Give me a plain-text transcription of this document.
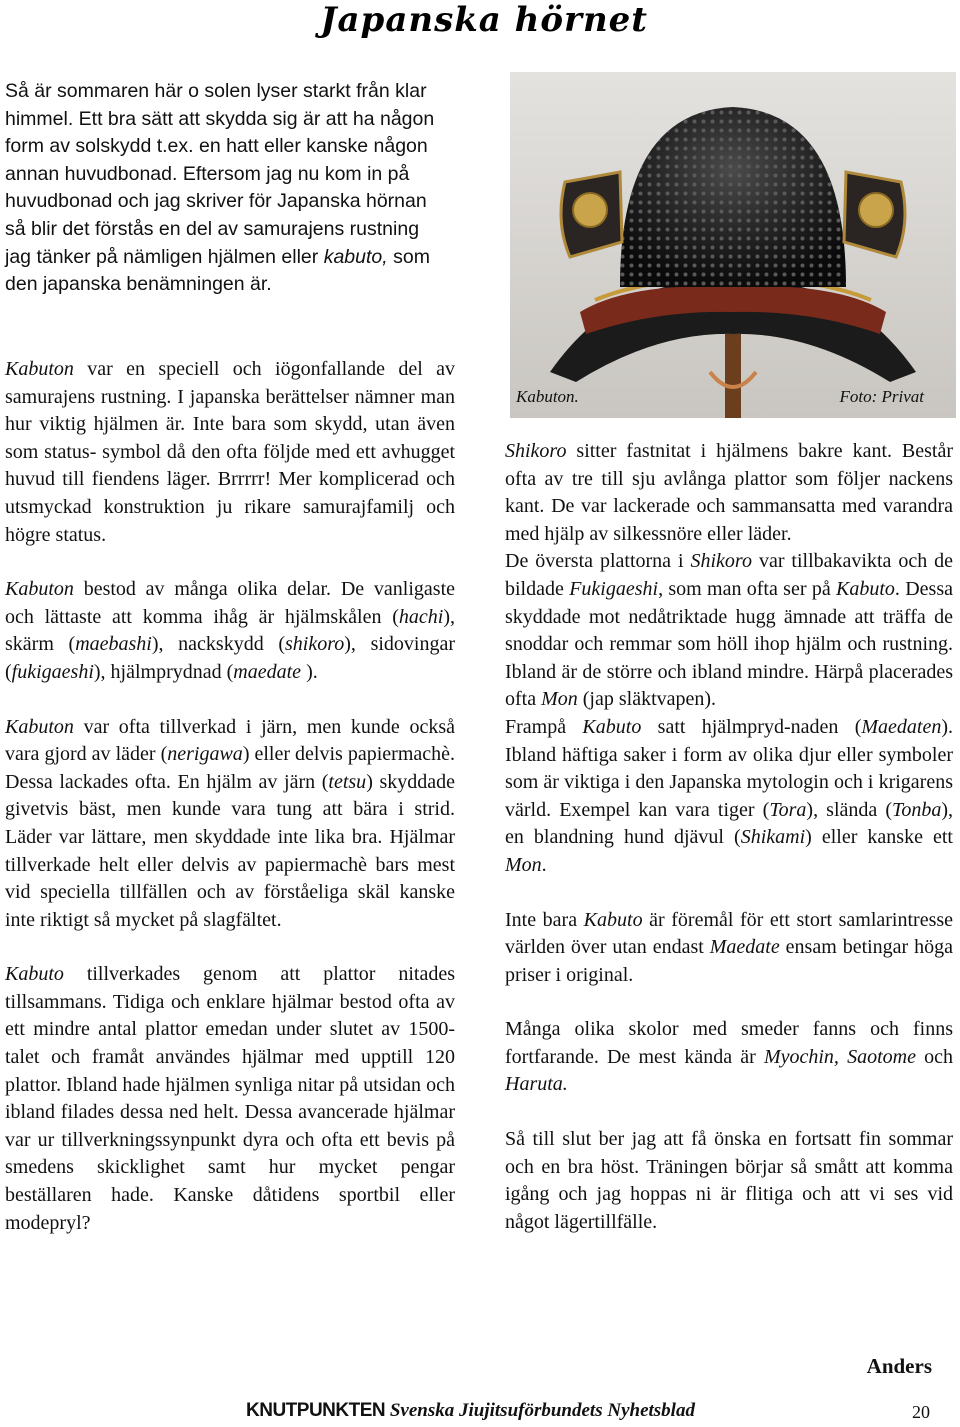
Japanska hörnet

Så är sommaren här o solen lyser starkt från klar himmel. Ett bra sätt att skydda sig är att ha någon form av solskydd t.ex. en hatt eller kanske någon annan huvudbonad. Eftersom jag nu kom in på huvudbonad och jag skriver för Japanska hörnan så blir det förstås en del av samurajens rustning jag tänker på nämligen hjälmen eller kabuto, som den japanska benämningen är.

Kabuton var en speciell och iögonfallande del av samurajens rustning. I japanska berättelser nämner man hur viktig hjälmen är. Inte bara som skydd, utan även som status- symbol då den ofta följde med ett avhugget huvud till fiendens läger. Brrrrr! Mer komplicerad och utsmyckad konstruktion ju rikare samurajfamilj och högre status.

Kabuton bestod av många olika delar. De vanligaste och lättaste att komma ihåg är hjälmskålen (hachi), skärm (maebashi), nackskydd (shikoro), sidovingar (fukigaeshi), hjälmprydnad (maedate ).

Kabuton var ofta tillverkad i järn, men kunde också vara gjord av läder (nerigawa) eller delvis papiermachè. Dessa lackades ofta. En hjälm av järn (tetsu) skyddade givetvis bäst, men kunde vara tung att bära i strid. Läder var lättare, men skyddade inte lika bra. Hjälmar tillverkade helt eller delvis av papiermachè bars mest vid speciella tillfällen och av förståeliga skäl kanske inte riktigt så mycket på slagfältet.

Kabuto tillverkades genom att plattor nitades tillsammans. Tidiga och enklare hjälmar bestod ofta av ett mindre antal plattor emedan under slutet av 1500-talet och framåt användes hjälmar med upptill 120 plattor. Ibland hade hjälmen synliga nitar på utsidan och ibland filades dessa ned helt. Dessa avancerade hjälmar var ur tillverkningssynpunkt dyra och ofta ett bevis på smedens skicklighet samt hur mycket pengar beställaren hade. Kanske dåtidens sportbil eller modepryl?

Kabuton.	Foto: Privat

Shikoro sitter fastnitat i hjälmens bakre kant. Består ofta av tre till sju avlånga plattor som följer nackens kant. De var lackerade och sammansatta med varandra med hjälp av silkessnöre eller läder.

De översta plattorna i Shikoro var tillbakavikta och de bildade Fukigaeshi, som man ofta ser på Kabuto. Dessa skyddade mot nedåtriktade hugg ämnade att träffa de snoddar och remmar som höll ihop hjälm och rustning. Ibland är de större och ibland mindre. Härpå placerades ofta Mon (jap släktvapen).
Frampå Kabuto satt hjälmpryd-naden (Maedaten). Ibland häftiga saker i form av olika djur eller symboler som är viktiga i den Japanska mytologin och i krigarens värld. Exempel kan vara tiger (Tora), slända (Tonba), en blandning hund djävul (Shikami) eller kanske ett Mon.

Inte bara Kabuto är föremål för ett stort samlarintresse världen över utan endast Maedate ensam betingar höga priser i original.

Många olika skolor med smeder fanns och finns fortfarande. De mest kända är Myochin, Saotome och Haruta.

Så till slut ber jag att få önska en fortsatt fin sommar och en bra höst. Träningen börjar så smått att komma igång och jag hoppas ni är flitiga och att vi ses vid något lägertillfälle.

Anders
KNUTPUNKTEN Svenska Jiujitsuförbundets Nyhetsblad	20
